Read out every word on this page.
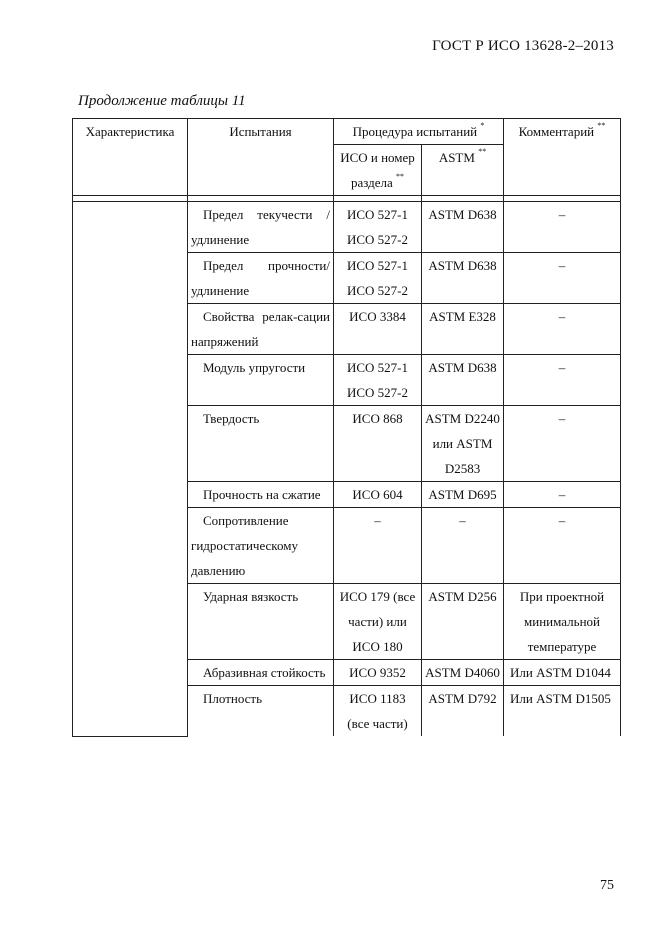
ГОСТ Р ИСО 13628-2–2013
Продолжение таблицы 11
Характеристика	Испытания	Процедура испытаний *		Комментарий **
		ИСО и номер раздела **	ASTM **

	Предел текучести / удлинение	ИСО 527-1 ИСО 527-2	ASTM D638	–
	Предел прочности/ удлинение	ИСО 527-1 ИСО 527-2	ASTM D638	–
	Свойства релак-сации напряжений	ИСО 3384	ASTM E328	–
	Модуль упругости	ИСО 527-1 ИСО 527-2	ASTM D638	–
	Твердость	ИСО 868	ASTM D2240 или ASTM D2583	–
	Прочность на сжатие	ИСО 604	ASTM D695	–
	Сопротивление гидростатическому давлению	–	–	–
	Ударная вязкость	ИСО 179 (все части) или ИСО 180	ASTM D256	При проектной минимальной температуре
	Абразивная стойкость	ИСО 9352	ASTM D4060	Или ASTM D1044
	Плотность	ИСО 1183 (все части)	ASTM D792	Или ASTM D1505
75
